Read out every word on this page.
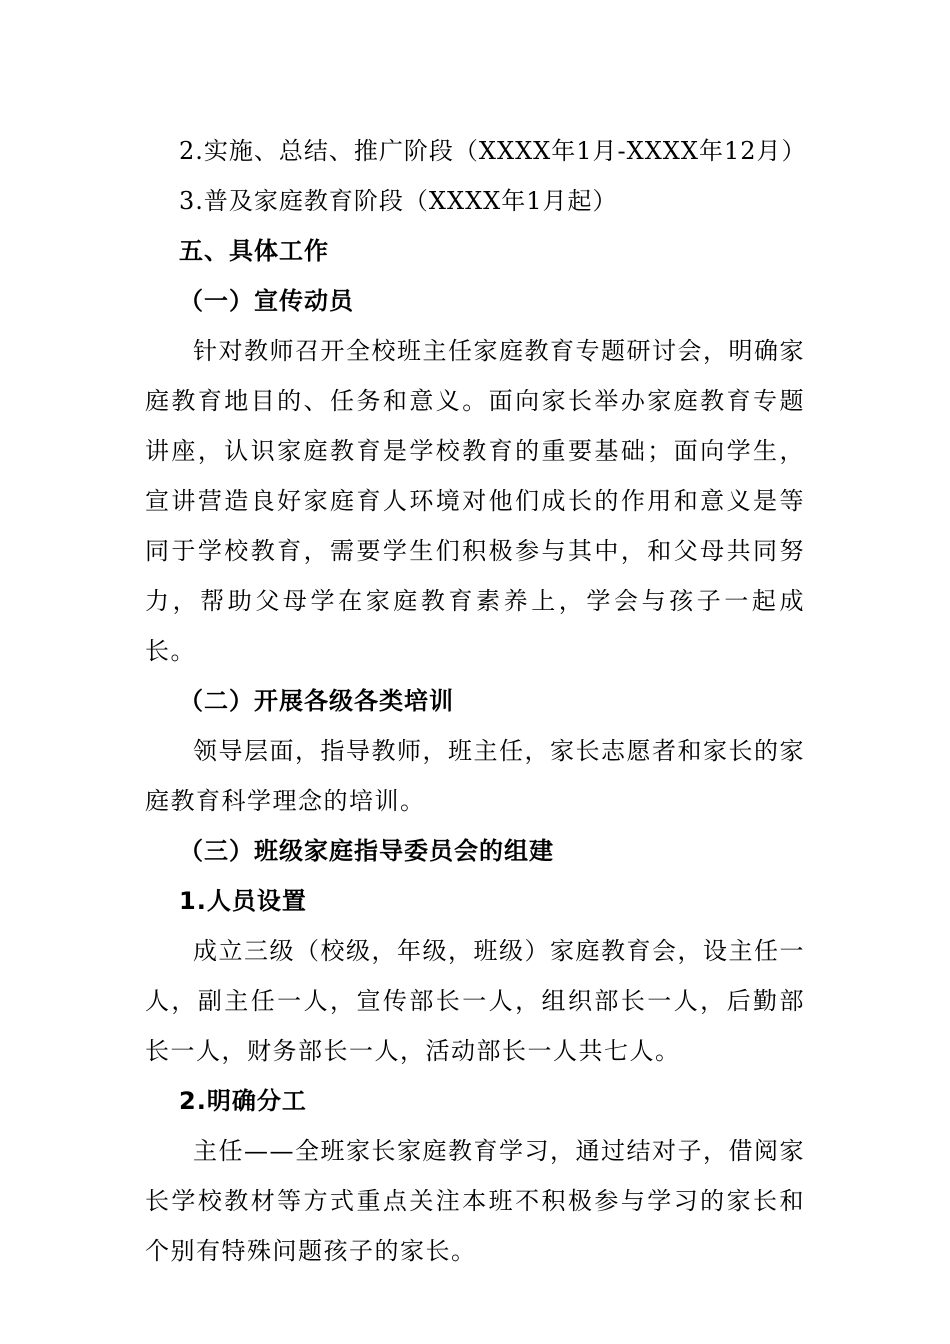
2.实施、总结、推广阶段（XXXX年1月-XXXX年12月）

3.普及家庭教育阶段（XXXX年1月起）

五、具体工作

（一）宣传动员

针对教师召开全校班主任家庭教育专题研讨会，明确家庭教育地目的、任务和意义。面向家长举办家庭教育专题讲座，认识家庭教育是学校教育的重要基础；面向学生，宣讲营造良好家庭育人环境对他们成长的作用和意义是等同于学校教育，需要学生们积极参与其中，和父母共同努力，帮助父母学在家庭教育素养上，学会与孩子一起成长。

（二）开展各级各类培训

领导层面，指导教师，班主任，家长志愿者和家长的家庭教育科学理念的培训。

（三）班级家庭指导委员会的组建

1.人员设置

成立三级（校级，年级，班级）家庭教育会，设主任一人，副主任一人，宣传部长一人，组织部长一人，后勤部长一人，财务部长一人，活动部长一人共七人。

2.明确分工

主任——全班家长家庭教育学习，通过结对子，借阅家长学校教材等方式重点关注本班不积极参与学习的家长和个别有特殊问题孩子的家长。
